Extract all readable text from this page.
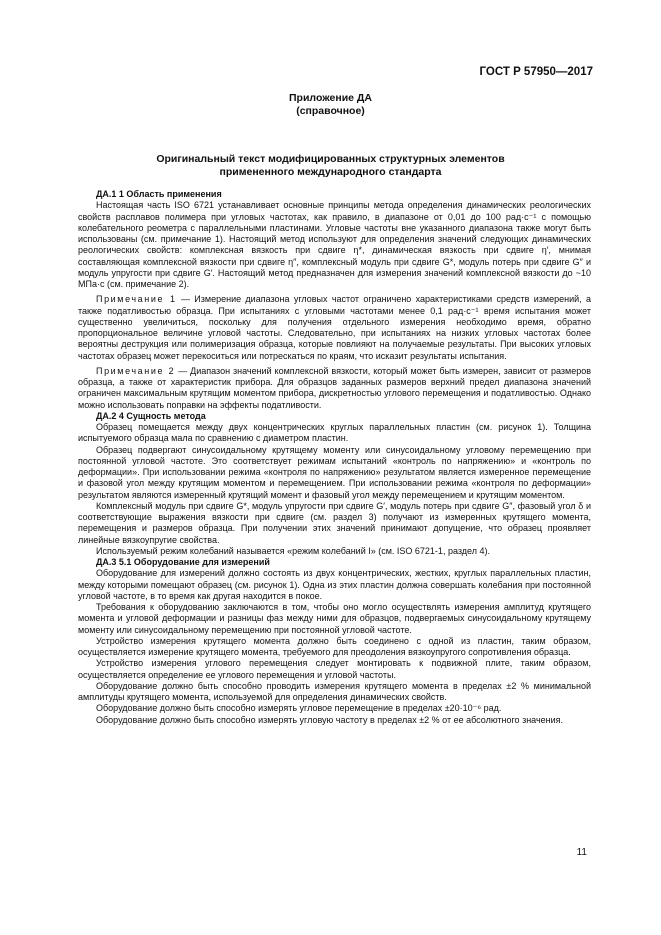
ГОСТ Р 57950—2017
Приложение ДА
(справочное)
Оригинальный текст модифицированных структурных элементов примененного международного стандарта

ДА.1 1 Область применения

Настоящая часть ISO 6721 устанавливает основные принципы метода определения динамических реологических свойств расплавов полимера при угловых частотах, как правило, в диапазоне от 0,01 до 100 рад·с⁻¹ с помощью колебательного реометра с параллельными пластинами. Угловые частоты вне указанного диапазона также могут быть использованы (см. примечание 1). Настоящий метод используют для определения значений следующих динамических реологических свойств: комплексная вязкость при сдвиге η*, динамическая вязкость при сдвиге η′, мнимая составляющая комплексной вязкости при сдвиге η″, комплексный модуль при сдвиге G*, модуль потерь при сдвиге G″ и модуль упругости при сдвиге G′. Настоящий метод предназначен для измерения значений комплексной вязкости до ~10 МПа·с (см. примечание 2).

Примечание 1 — Измерение диапазона угловых частот ограничено характеристиками средств измерений, а также податливостью образца. При испытаниях с угловыми частотами менее 0,1 рад·с⁻¹ время испытания может существенно увеличиться, поскольку для получения отдельного измерения необходимо время, обратно пропорциональное величине угловой частоты. Следовательно, при испытаниях на низких угловых частотах более вероятны деструкция или полимеризация образца, которые повлияют на получаемые результаты. При высоких угловых частотах образец может перекоситься или потрескаться по краям, что исказит результаты испытания.

Примечание 2 — Диапазон значений комплексной вязкости, который может быть измерен, зависит от размеров образца, а также от характеристик прибора. Для образцов заданных размеров верхний предел диапазона значений ограничен максимальным крутящим моментом прибора, дискретностью углового перемещения и податливостью. Однако можно использовать поправки на эффекты податливости.

ДА.2 4 Сущность метода

Образец помещается между двух концентрических круглых параллельных пластин (см. рисунок 1). Толщина испытуемого образца мала по сравнению с диаметром пластин.

Образец подвергают синусоидальному крутящему моменту или синусоидальному угловому перемещению при постоянной угловой частоте. Это соответствует режимам испытаний «контроль по напряжению» и «контроль по деформации». При использовании режима «контроля по напряжению» результатом является измеренное перемещение и фазовой угол между крутящим моментом и перемещением. При использовании режима «контроля по деформации» результатом являются измеренный крутящий момент и фазовый угол между перемещением и крутящим моментом.

Комплексный модуль при сдвиге G*, модуль упругости при сдвиге G′, модуль потерь при сдвиге G″, фазовый угол δ и соответствующие выражения вязкости при сдвиге (см. раздел 3) получают из измеренных крутящего момента, перемещения и размеров образца. При получении этих значений принимают допущение, что образец проявляет линейные вязкоупругие свойства.

Используемый режим колебаний называется «режим колебаний I» (см. ISO 6721-1, раздел 4).

ДА.3 5.1 Оборудование для измерений

Оборудование для измерений должно состоять из двух концентрических, жестких, круглых параллельных пластин, между которыми помещают образец (см. рисунок 1). Одна из этих пластин должна совершать колебания при постоянной угловой частоте, в то время как другая находится в покое.

Требования к оборудованию заключаются в том, чтобы оно могло осуществлять измерения амплитуд крутящего момента и угловой деформации и разницы фаз между ними для образцов, подвергаемых синусоидальному крутящему моменту или синусоидальному перемещению при постоянной угловой частоте.

Устройство измерения крутящего момента должно быть соединено с одной из пластин, таким образом, осуществляется измерение крутящего момента, требуемого для преодоления вязкоупругого сопротивления образца.

Устройство измерения углового перемещения следует монтировать к подвижной плите, таким образом, осуществляется определение ее углового перемещения и угловой частоты.

Оборудование должно быть способно проводить измерения крутящего момента в пределах ±2 % минимальной амплитуды крутящего момента, используемой для определения динамических свойств.

Оборудование должно быть способно измерять угловое перемещение в пределах ±20·10⁻⁶ рад.

Оборудование должно быть способно измерять угловую частоту в пределах ±2 % от ее абсолютного значения.

11
